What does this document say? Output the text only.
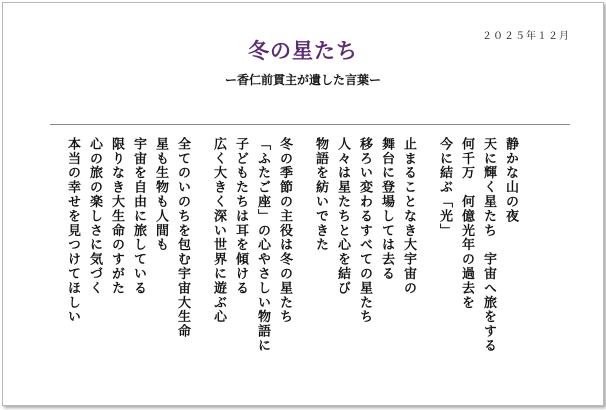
２０２５年１２月
冬の星たち
ー香仁前貫主が遺した言葉ー
静かな山の夜
天に輝く星たち　宇宙へ旅をする
何千万　何億光年の過去を
今に結ぶ「光」
止まることなき大宇宙の
舞台に登場しては去る
移ろい変わるすべての星たち
人々は星たちと心を結び
物語を紡いできた
冬の季節の主役は冬の星たち
「ふたご座」の心やさしい物語に
子どもたちは耳を傾ける
広く大きく深い世界に遊ぶ心
全てのいのちを包む宇宙大生命
星も生物も人間も
宇宙を自由に旅している
限りなき大生命のすがた
心の旅の楽しさに気づく
本当の幸せを見つけてほしい
